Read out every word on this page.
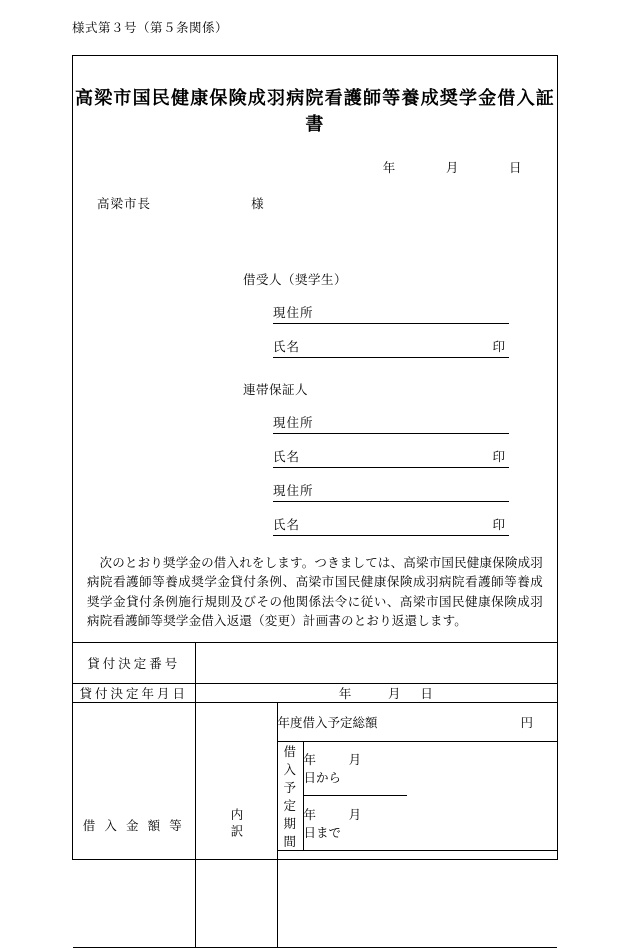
様式第３号（第５条関係）
高梁市国民健康保険成羽病院看護師等養成奨学金借入証書
年	月	日
高梁市長	様
借受人（奨学生）
現住所
氏名	印
連帯保証人
現住所
氏名	印
現住所
氏名	印
次のとおり奨学金の借入れをします。つきましては、高梁市国民健康保険成羽病院看護師等養成奨学金貸付条例、高梁市国民健康保険成羽病院看護師等養成奨学金貸付条例施行規則及びその他関係法令に従い、高梁市国民健康保険成羽病院看護師等奨学金借入返還（変更）計画書のとおり返還します。
貸付決定番号			
貸付決定年月日	年 月 日		
借 入 金 額 等	内訳	年度借入予定総額 円	

		借入予定期間	年 月 日から
			年 月 日まで
